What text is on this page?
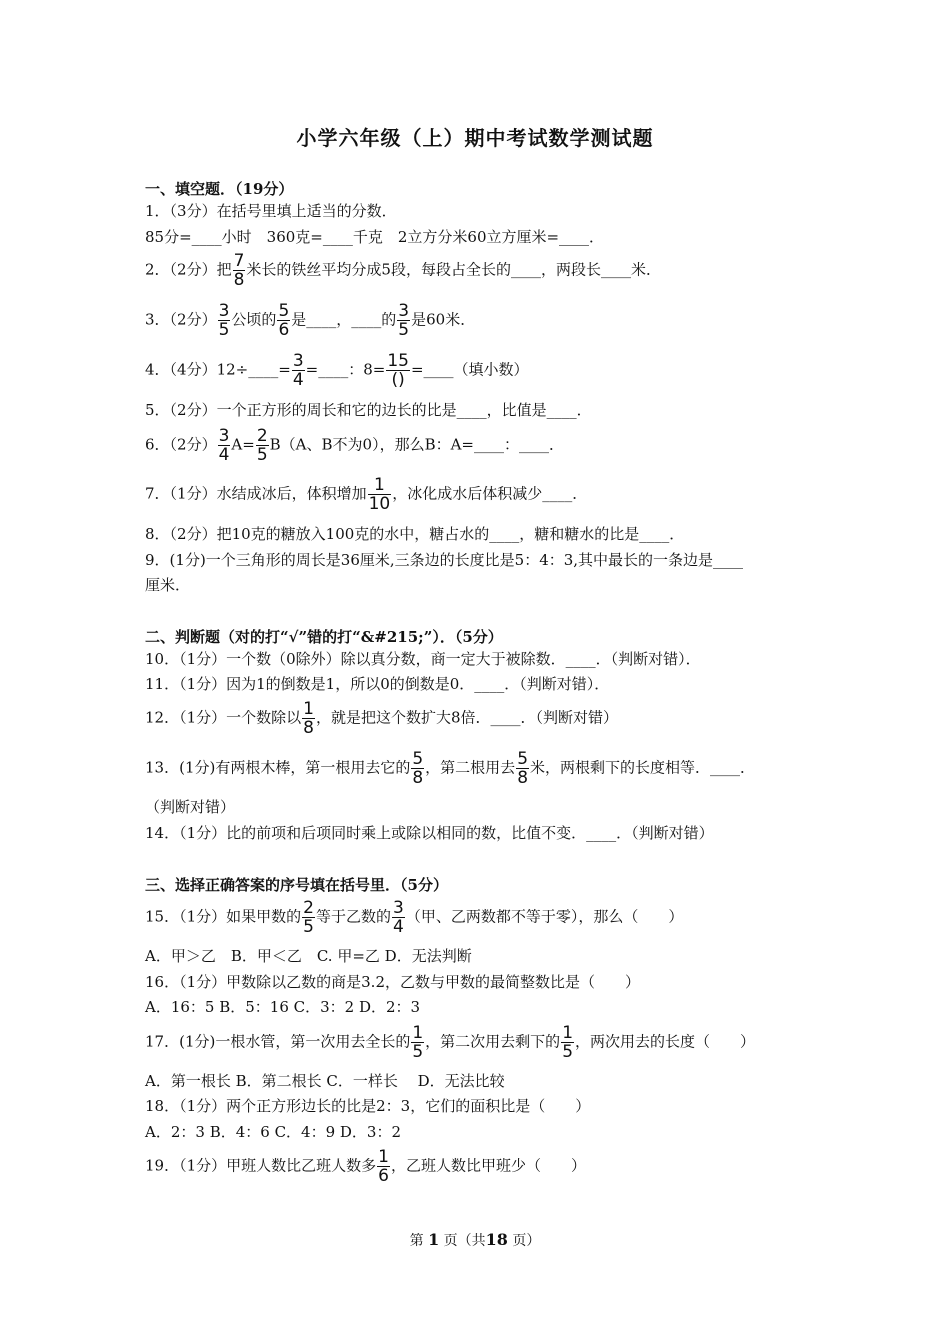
小学六年级（上）期中考试数学测试题
一、填空题．（19分）
1．（3分）在括号里填上适当的分数．
85分=____小时　360克=____千克　2立方分米60立方厘米=____．
2．（2分）把 $\frac{7}{8}$ 米长的铁丝平均分成5段，每段占全长的____，两段长____米．
3．（2分） $\frac{3}{5}$ 公顷的 $\frac{5}{6}$ 是____，____的 $\frac{3}{5}$ 是60米．
4．（4分）12÷____= $\frac{3}{4}$ =____：$8= \frac{15}{()}$ =____（填小数）
5．（2分）一个正方形的周长和它的边长的比是____，比值是____．
6．（2分） $\frac{3}{4} A= \frac{2}{5} B(A$、B不为0），那么B：A=____：____．
7．（1分）水结成冰后，体积增加 $\frac{1}{10}$ ，冰化成水后体积减少____．
8．（2分）把10克的糖放入100克的水中，糖占水的____，糖和糖水的比是____．
9．(1分)一个三角形的周长是36厘米,三条边的长度比是5：4：3,其中最长的一条边是____
厘米．
二、判断题（对的打“√”错的打“&#215;”）．（5分）
10．（1分）一个数（0除外）除以真分数，商一定大于被除数．____．（判断对错）．
11．（1分）因为1的倒数是1，所以0的倒数是0．____．（判断对错）．
12．（1分）一个数除以 $\frac{1}{8}$ ，就是把这个数扩大8倍．____．（判断对错）
13．(1分)有两根木棒，第一根用去它的 $\frac{5}{8}$ ，第二根用去 $\frac{5}{8}$ 米，两根剩下的长度相等．____．
（判断对错）
14．（1分）比的前项和后项同时乘上或除以相同的数，比值不变．____．（判断对错）
三、选择正确答案的序号填在括号里．（5分）
15．（1分）如果甲数的 $\frac{2}{5}$ 等于乙数的 $\frac{3}{4}$ （甲、乙两数都不等于零），那么（　　）
A．甲＞乙　B．甲＜乙　C. 甲=乙 D．无法判断
16．（1分）甲数除以乙数的商是3.2，乙数与甲数的最简整数比是（　　）
A．16：5 B．5：16 C．3：2 D．2：3
17．(1分)一根水管，第一次用去全长的 $\frac{1}{5}$ ，第二次用去剩下的 $\frac{1}{5}$ ，两次用去的长度（　　）
A．第一根长 B．第二根长 C．一样长　 D．无法比较
18．（1分）两个正方形边长的比是2：3，它们的面积比是（　　）
A．2：3 B．4：6 C．4：9 D．3：2
19．（1分）甲班人数比乙班人数多 $\frac{1}{6}$ ，乙班人数比甲班少（　　）
第 1 页（共18 页）
